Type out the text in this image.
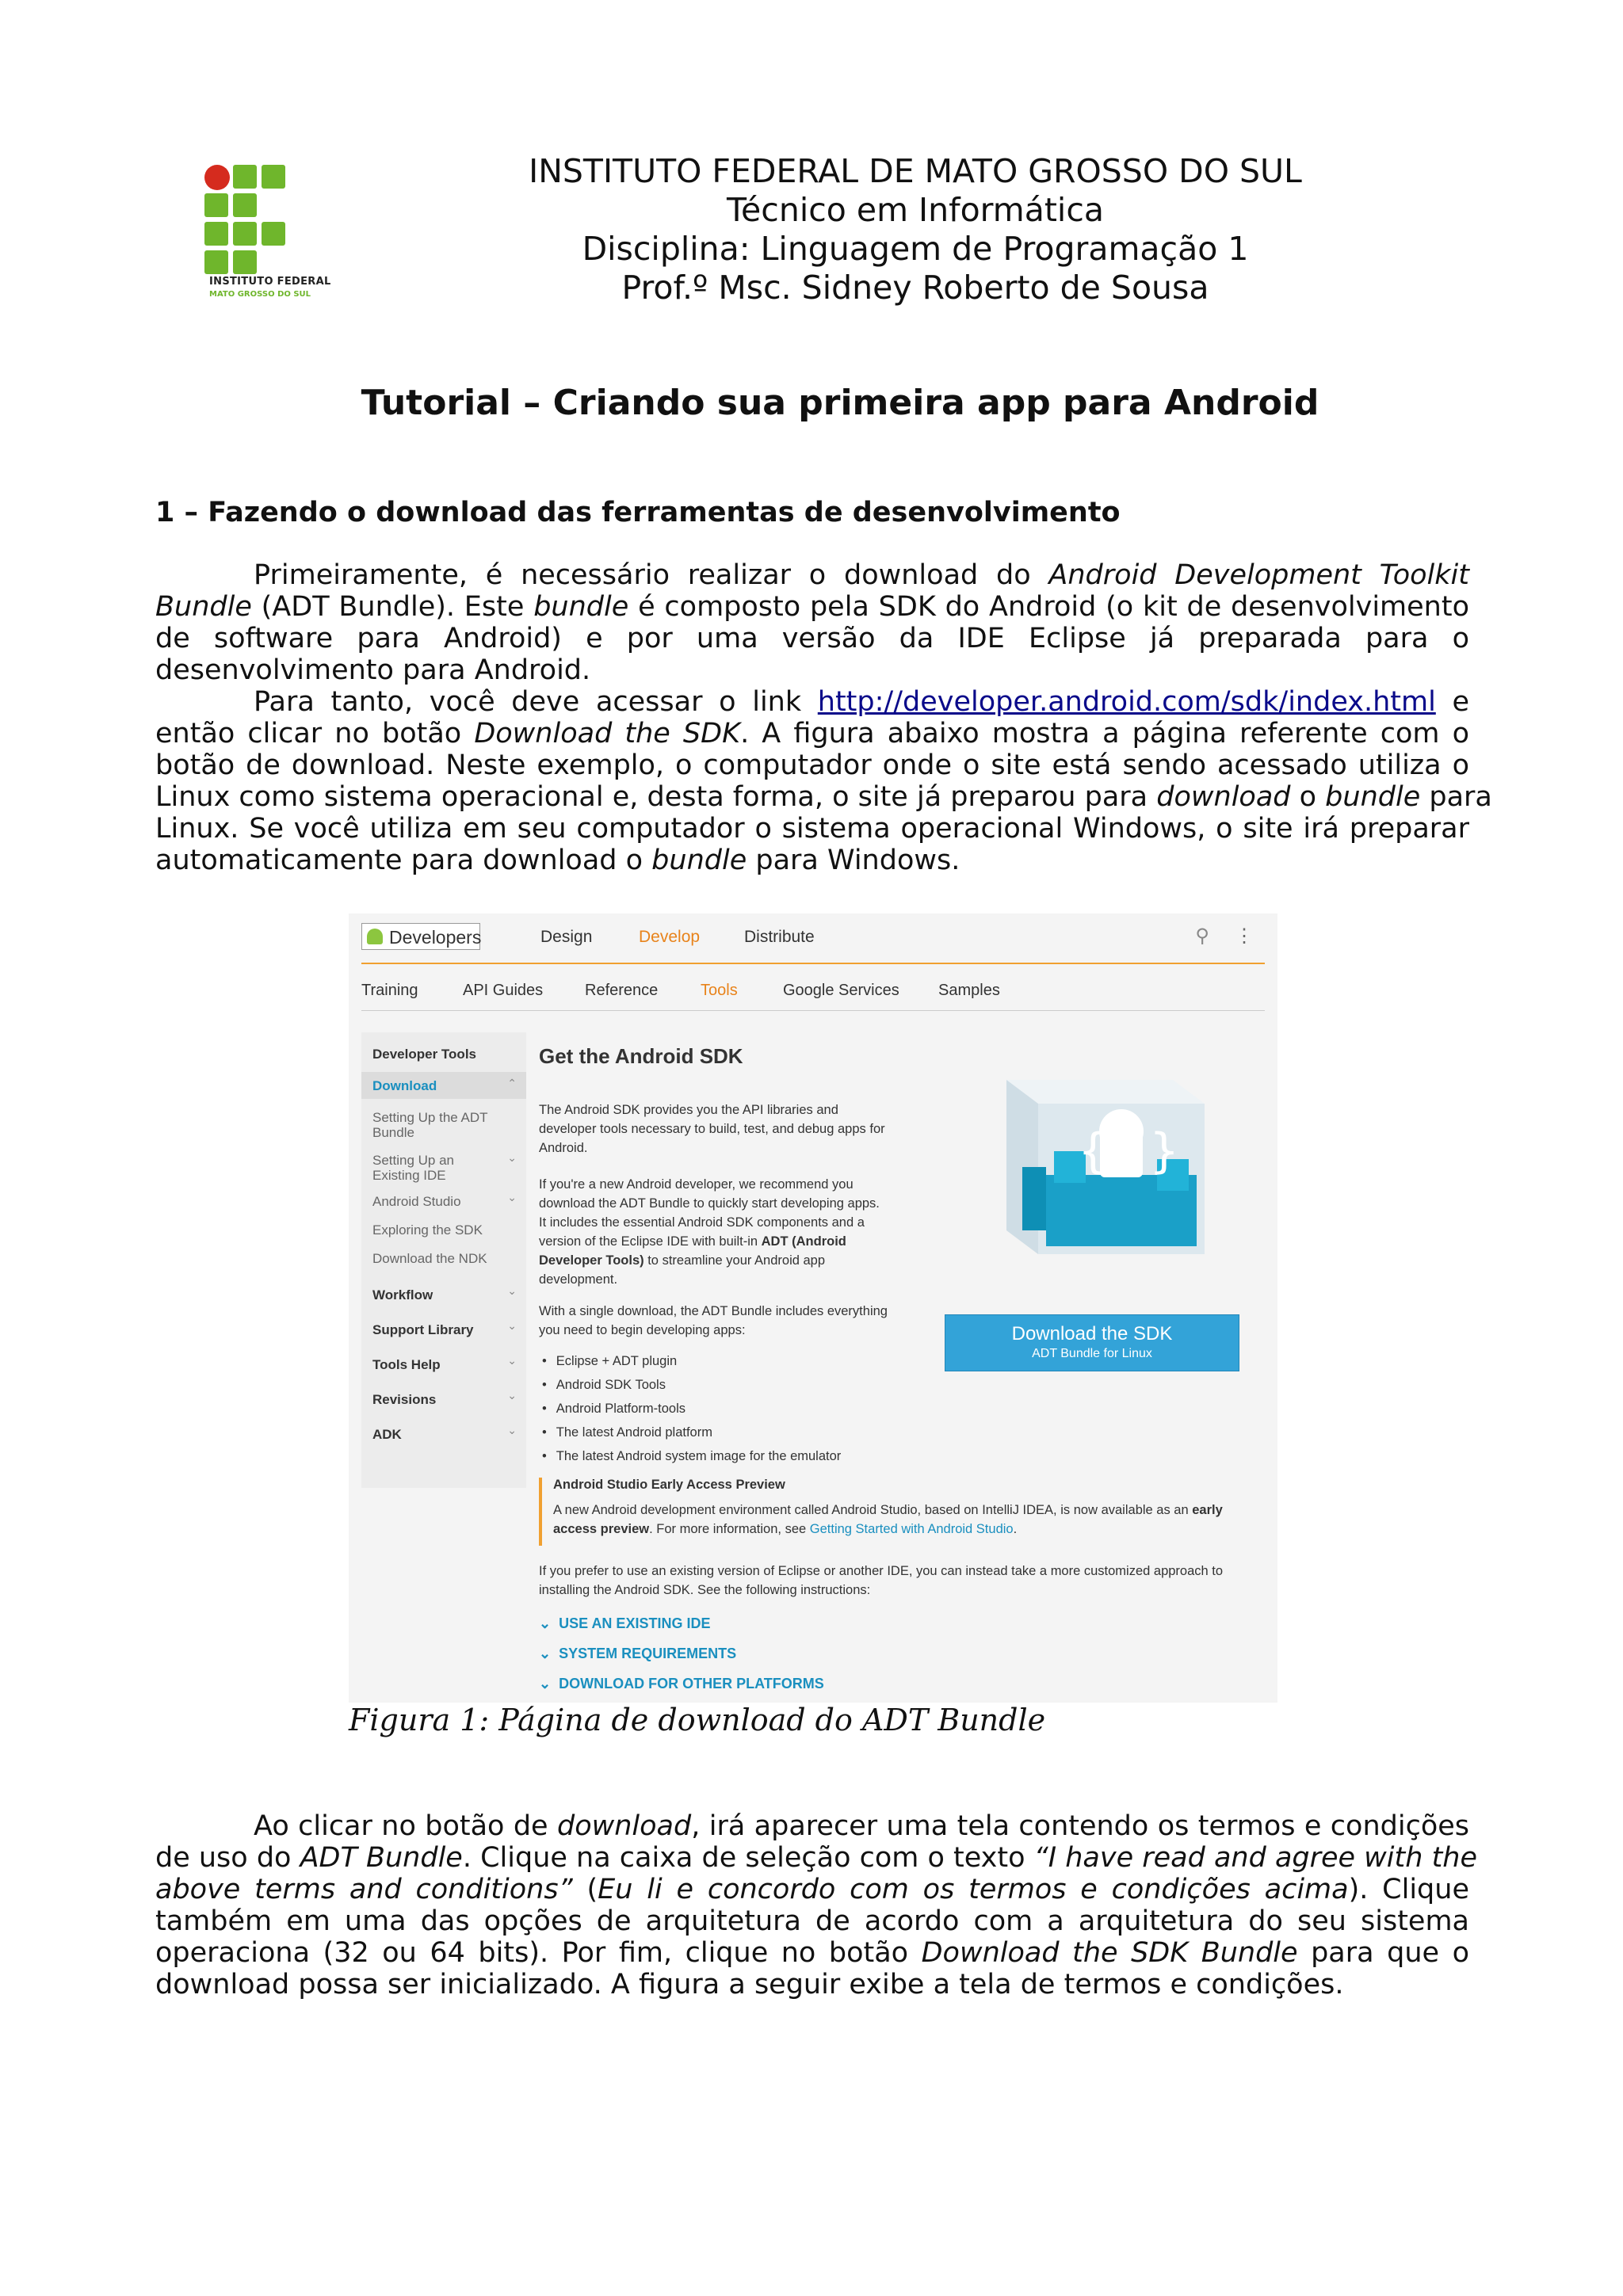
INSTITUTO FEDERAL
MATO GROSSO DO SUL
INSTITUTO FEDERAL DE MATO GROSSO DO SUL
Técnico em Informática
Disciplina: Linguagem de Programação 1
Prof.º Msc. Sidney Roberto de Sousa
Tutorial – Criando sua primeira app para Android
1 – Fazendo o download das ferramentas de desenvolvimento
Primeiramente, é necessário realizar o download do Android Development Toolkit
Bundle (ADT Bundle). Este bundle é composto pela SDK do Android (o kit de desenvolvimento
de software para Android) e por uma versão da IDE Eclipse já preparada para o
desenvolvimento para Android.
Para tanto, você deve acessar o link http://developer.android.com/sdk/index.html e
então clicar no botão Download the SDK. A figura abaixo mostra a página referente com o
botão de download. Neste exemplo, o computador onde o site está sendo acessado utiliza o
Linux como sistema operacional e, desta forma, o site já preparou para download o bundle para
Linux. Se você utiliza em seu computador o sistema operacional Windows, o site irá preparar
automaticamente para download o bundle para Windows.
Developers	Design	Develop	Distribute	⚲ ⋮
Training	API Guides	Reference	Tools	Google Services Samples
Developer Tools
Download	⌃
Setting Up the ADT Bundle
Setting Up an Existing IDE
⌄
Android Studio	⌄
Exploring the SDK
Download the NDK
Workflow	⌄
Support Library	⌄
Tools Help	⌄
Revisions	⌄
ADK	⌄
Get the Android SDK
The Android SDK provides you the API libraries and developer tools necessary to build, test, and debug apps for Android.
If you're a new Android developer, we recommend you download the ADT Bundle to quickly start developing apps. It includes the essential Android SDK components and a version of the Eclipse IDE with built-in ADT (Android Developer Tools) to streamline your Android app development.
With a single download, the ADT Bundle includes everything you need to begin developing apps:
• Eclipse + ADT plugin
• Android SDK Tools
• Android Platform-tools
• The latest Android platform
• The latest Android system image for the emulator
Android Studio Early Access Preview
A new Android development environment called Android Studio, based on IntelliJ IDEA, is now available as an early access preview. For more information, see Getting Started with Android Studio.
If you prefer to use an existing version of Eclipse or another IDE, you can instead take a more customized approach to installing the Android SDK. See the following instructions:
⌄  USE AN EXISTING IDE
⌄  SYSTEM REQUIREMENTS
⌄  DOWNLOAD FOR OTHER PLATFORMS
{ }
Download the SDK
ADT Bundle for Linux
Figura 1: Página de download do ADT Bundle
Ao clicar no botão de download, irá aparecer uma tela contendo os termos e condições
de uso do ADT Bundle. Clique na caixa de seleção com o texto “I have read and agree with the
above terms and conditions” (Eu li e concordo com os termos e condições acima). Clique
também em uma das opções de arquitetura de acordo com a arquitetura do seu sistema
operaciona (32 ou 64 bits). Por fim, clique no botão Download the SDK Bundle para que o
download possa ser inicializado. A figura a seguir exibe a tela de termos e condições.
